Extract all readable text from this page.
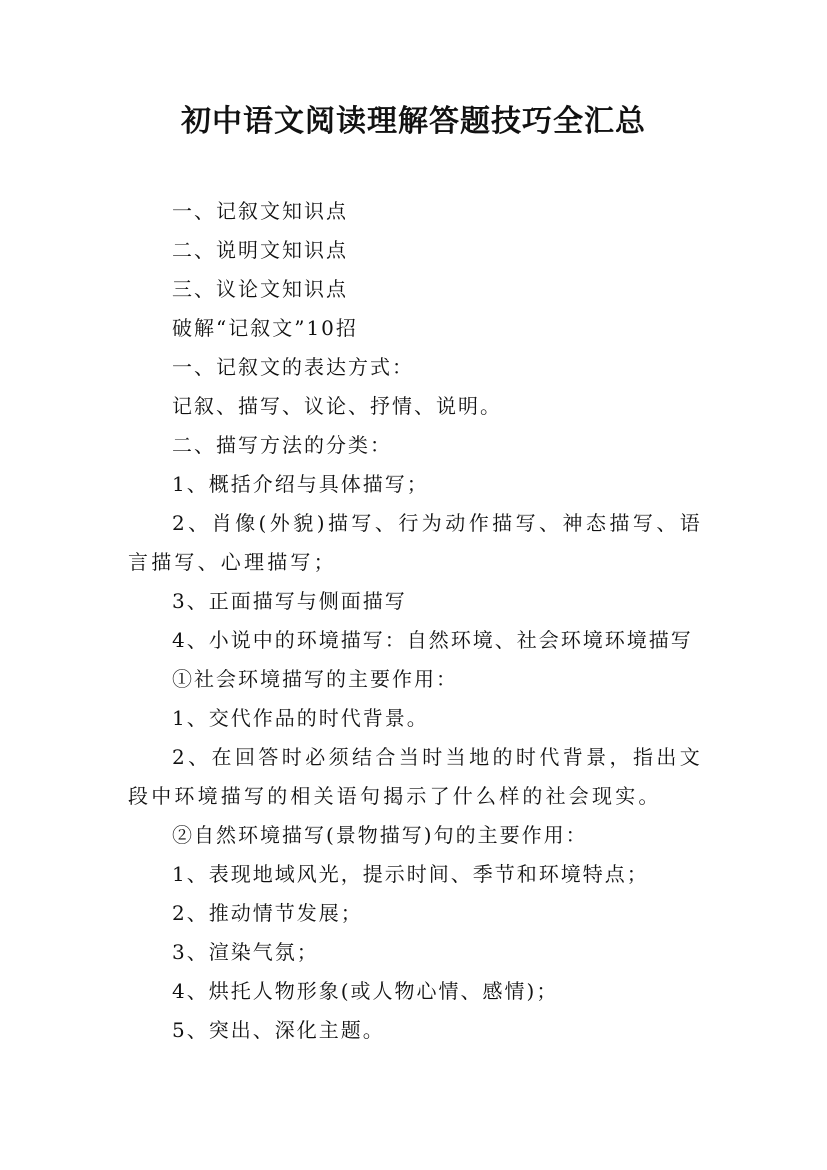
初中语文阅读理解答题技巧全汇总

一、记叙文知识点

二、说明文知识点

三、议论文知识点

破解“记叙文”10招

一、记叙文的表达方式：

记叙、描写、议论、抒情、说明。

二、描写方法的分类：

1、概括介绍与具体描写；

2、肖像(外貌)描写、行为动作描写、神态描写、语言描写、心理描写；

3、正面描写与侧面描写

4、小说中的环境描写：自然环境、社会环境环境描写

①社会环境描写的主要作用：

1、交代作品的时代背景。

2、在回答时必须结合当时当地的时代背景，指出文段中环境描写的相关语句揭示了什么样的社会现实。

②自然环境描写(景物描写)句的主要作用：

1、表现地域风光，提示时间、季节和环境特点；

2、推动情节发展；

3、渲染气氛；

4、烘托人物形象(或人物心情、感情)；

5、突出、深化主题。
